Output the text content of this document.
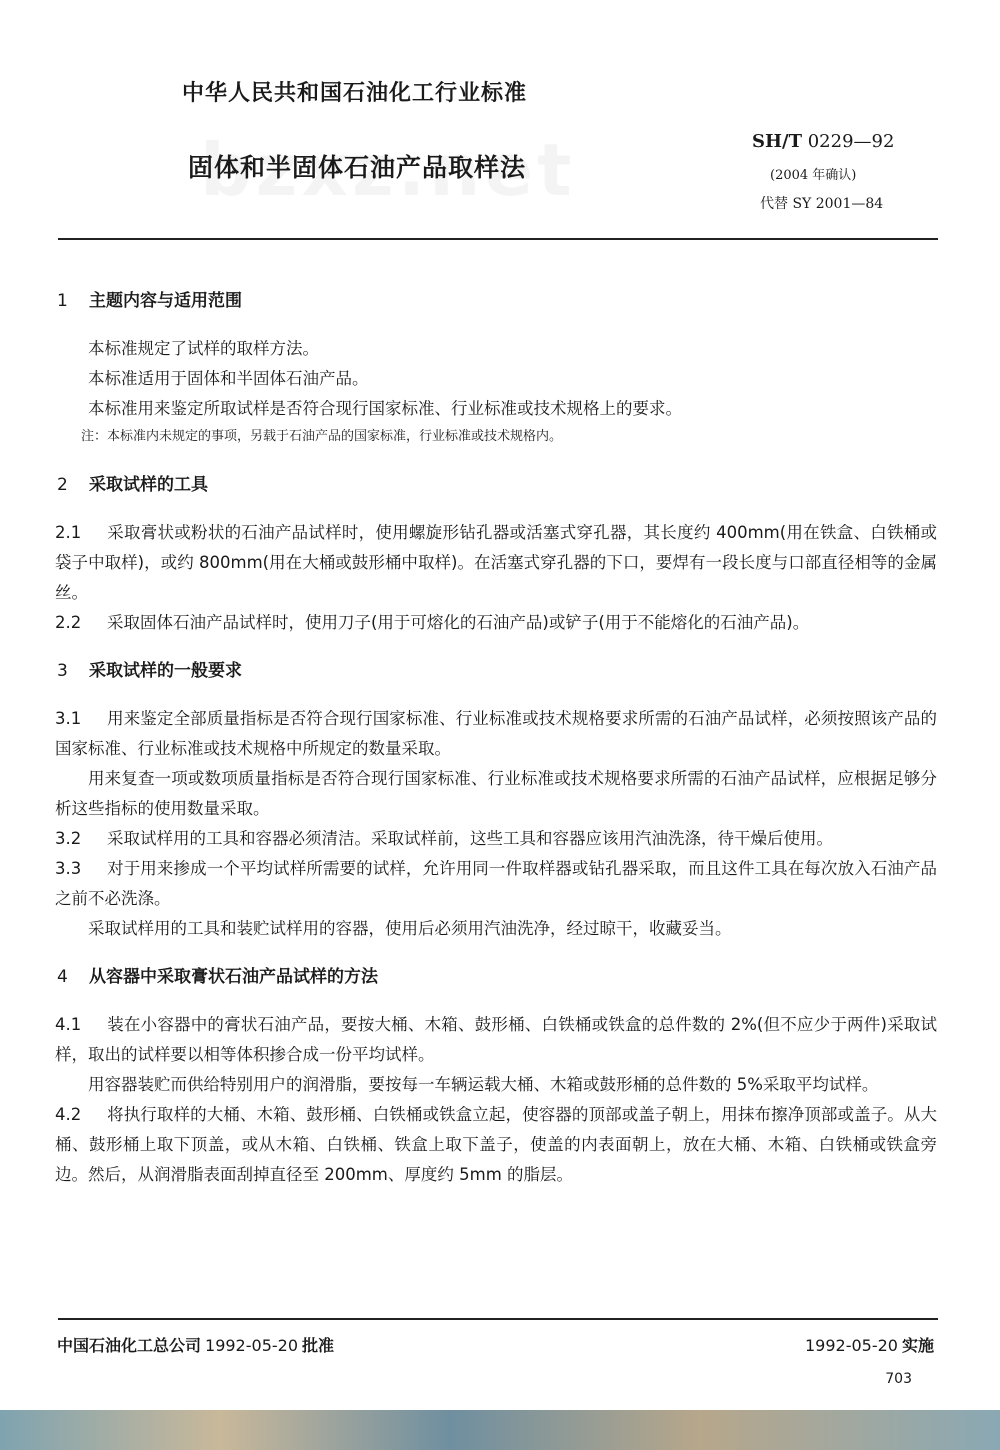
中华人民共和国石油化工行业标准
固体和半固体石油产品取样法
SH/T 0229—92
(2004 年确认)
代替 SY 2001—84
1 主题内容与适用范围

本标准规定了试样的取样方法。

本标准适用于固体和半固体石油产品。

本标准用来鉴定所取试样是否符合现行国家标准、行业标准或技术规格上的要求。

注：本标准内未规定的事项，另载于石油产品的国家标准，行业标准或技术规格内。

2 采取试样的工具

2.1 采取膏状或粉状的石油产品试样时，使用螺旋形钻孔器或活塞式穿孔器，其长度约 400mm(用在铁盒、白铁桶或袋子中取样)，或约 800mm(用在大桶或鼓形桶中取样)。在活塞式穿孔器的下口，要焊有一段长度与口部直径相等的金属丝。

2.2 采取固体石油产品试样时，使用刀子(用于可熔化的石油产品)或铲子(用于不能熔化的石油产品)。

3 采取试样的一般要求

3.1 用来鉴定全部质量指标是否符合现行国家标准、行业标准或技术规格要求所需的石油产品试样，必须按照该产品的国家标准、行业标准或技术规格中所规定的数量采取。

用来复查一项或数项质量指标是否符合现行国家标准、行业标准或技术规格要求所需的石油产品试样，应根据足够分析这些指标的使用数量采取。

3.2 采取试样用的工具和容器必须清洁。采取试样前，这些工具和容器应该用汽油洗涤，待干燥后使用。

3.3 对于用来掺成一个平均试样所需要的试样，允许用同一件取样器或钻孔器采取，而且这件工具在每次放入石油产品之前不必洗涤。

采取试样用的工具和装贮试样用的容器，使用后必须用汽油洗净，经过晾干，收藏妥当。

4 从容器中采取膏状石油产品试样的方法

4.1 装在小容器中的膏状石油产品，要按大桶、木箱、鼓形桶、白铁桶或铁盒的总件数的 2%(但不应少于两件)采取试样，取出的试样要以相等体积掺合成一份平均试样。

用容器装贮而供给特别用户的润滑脂，要按每一车辆运载大桶、木箱或鼓形桶的总件数的 5%采取平均试样。

4.2 将执行取样的大桶、木箱、鼓形桶、白铁桶或铁盒立起，使容器的顶部或盖子朝上，用抹布擦净顶部或盖子。从大桶、鼓形桶上取下顶盖，或从木箱、白铁桶、铁盒上取下盖子，使盖的内表面朝上，放在大桶、木箱、白铁桶或铁盒旁边。然后，从润滑脂表面刮掉直径至 200mm、厚度约 5mm 的脂层。

中国石油化工总公司 1992-05-20 批准	1992-05-20 实施
703
